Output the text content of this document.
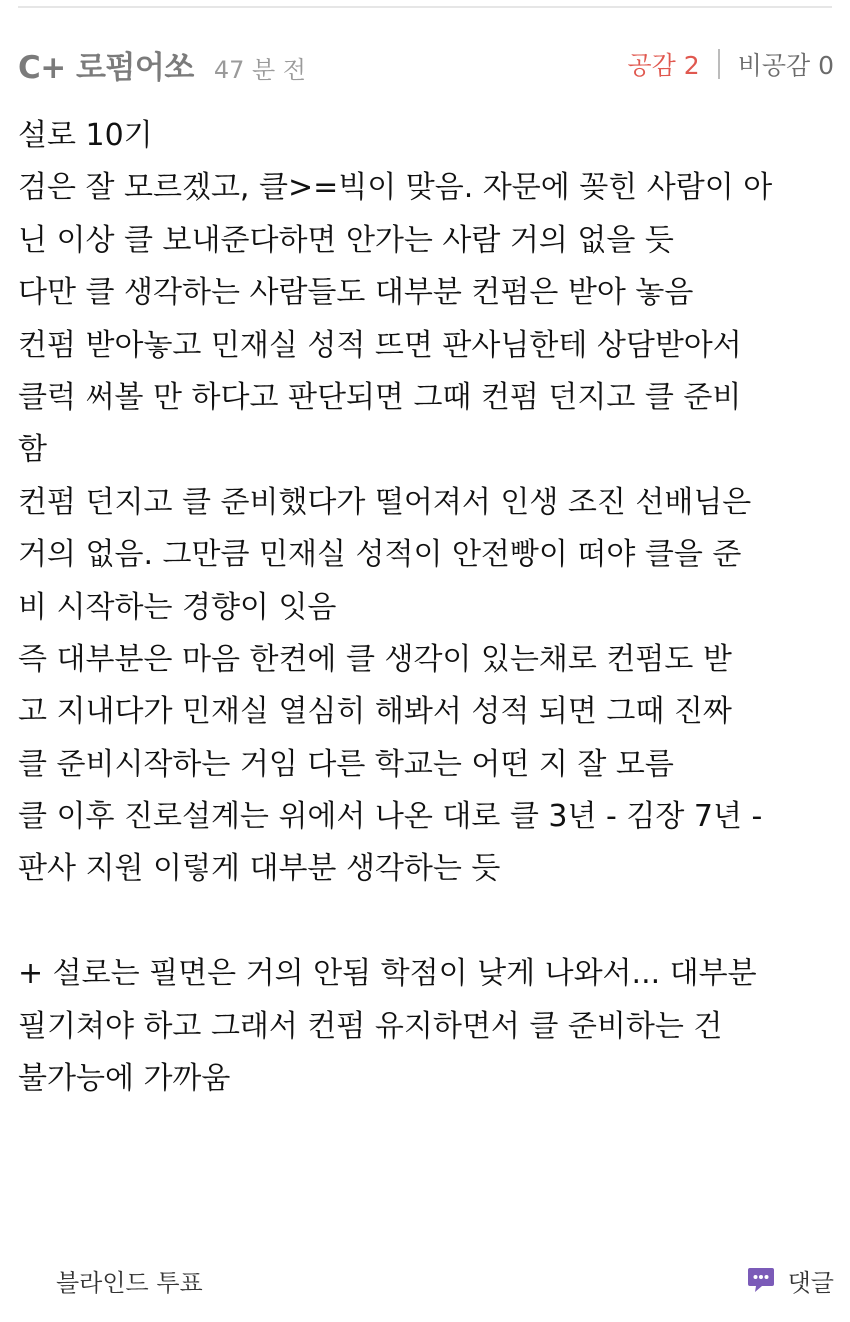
C+ 로펌어쏘 47 분 전	공감 2 비공감 0
설로 10기
검은 잘 모르겠고, 클>=빅이 맞음. 자문에 꽂힌 사람이 아
닌 이상 클 보내준다하면 안가는 사람 거의 없을 듯
다만 클 생각하는 사람들도 대부분 컨펌은 받아 놓음
컨펌 받아놓고 민재실 성적 뜨면 판사님한테 상담받아서
클럭 써볼 만 하다고 판단되면 그때 컨펌 던지고 클 준비
함
컨펌 던지고 클 준비했다가 떨어져서 인생 조진 선배님은
거의 없음. 그만큼 민재실 성적이 안전빵이 떠야 클을 준
비 시작하는 경향이 잇음
즉 대부분은 마음 한켠에 클 생각이 있는채로 컨펌도 받
고 지내다가 민재실 열심히 해봐서 성적 되면 그때 진짜
클 준비시작하는 거임 다른 학교는 어떤 지 잘 모름
클 이후 진로설계는 위에서 나온 대로 클 3년 - 김장 7년 -
판사 지원 이렇게 대부분 생각하는 듯
+ 설로는 필면은 거의 안됨 학점이 낮게 나와서... 대부분
필기쳐야 하고 그래서 컨펌 유지하면서 클 준비하는 건
불가능에 가까움
블라인드 투표	댓글
